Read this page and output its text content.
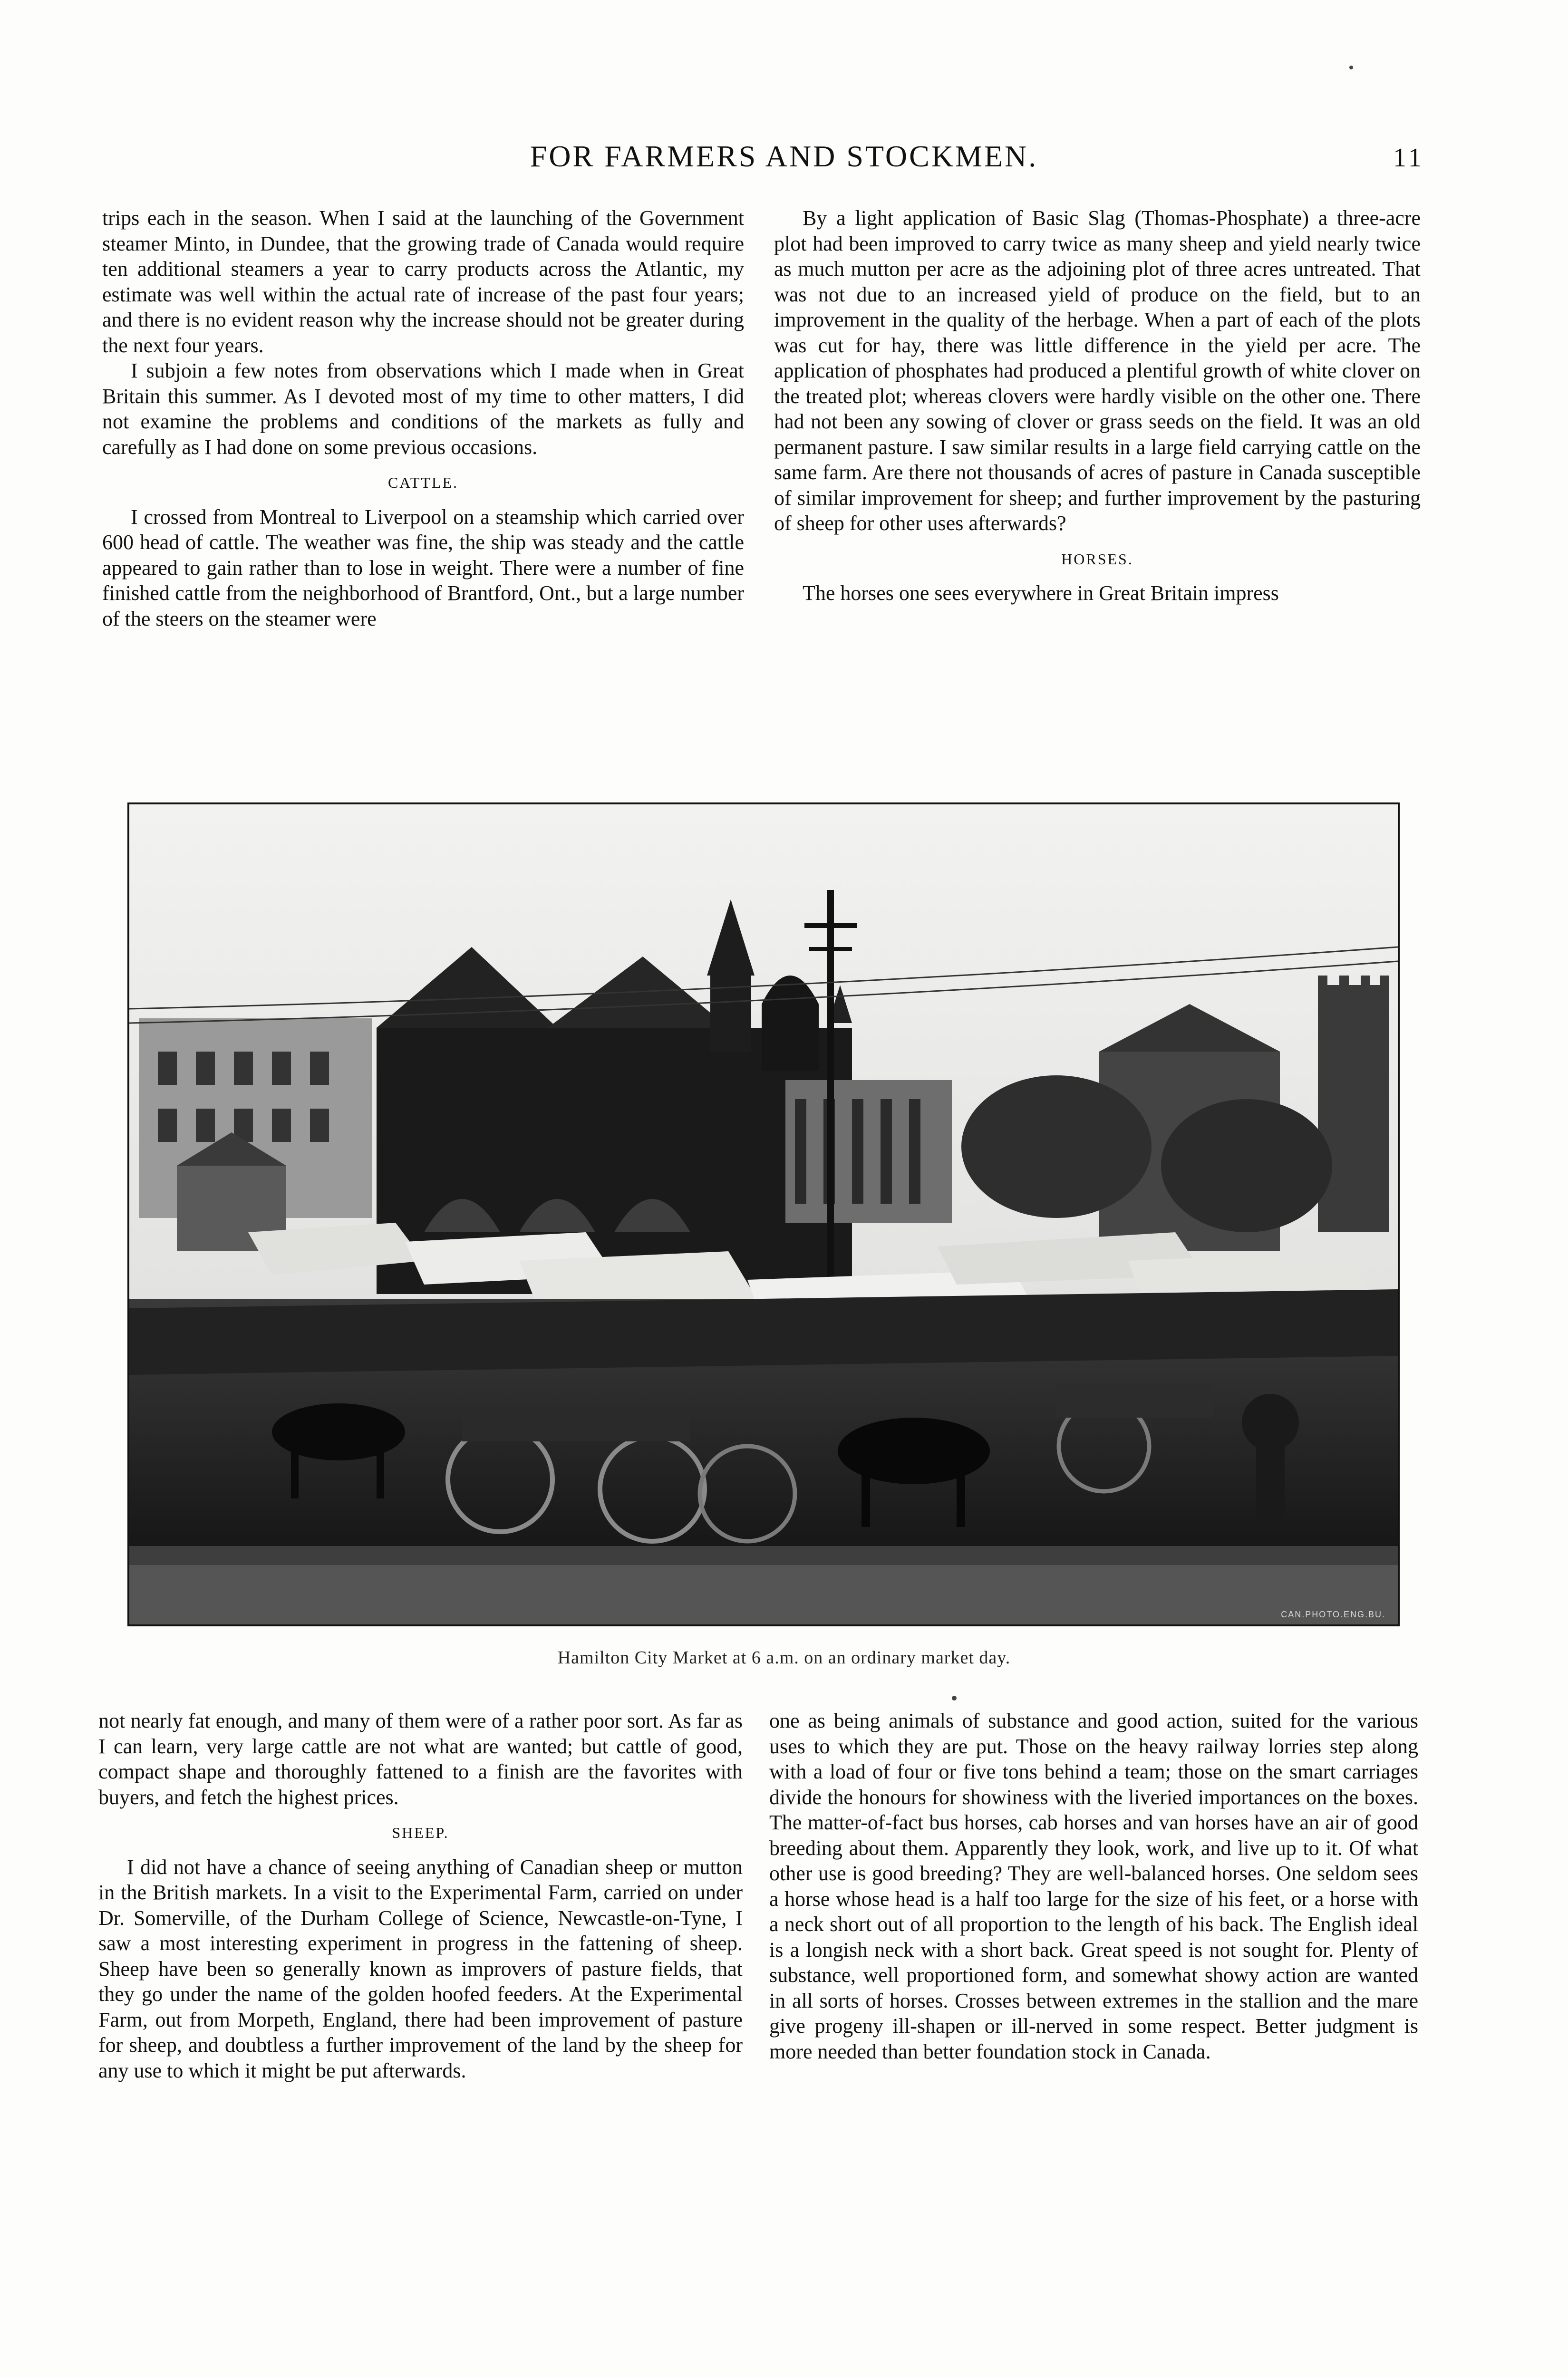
FOR FARMERS AND STOCKMEN.	11

trips each in the season. When I said at the launching of the Government steamer Minto, in Dundee, that the growing trade of Canada would require ten additional steamers a year to carry products across the Atlantic, my estimate was well within the actual rate of increase of the past four years; and there is no evident reason why the increase should not be greater during the next four years.

I subjoin a few notes from observations which I made when in Great Britain this summer. As I devoted most of my time to other matters, I did not examine the problems and conditions of the markets as fully and carefully as I had done on some previous occasions.

CATTLE.

I crossed from Montreal to Liverpool on a steamship which carried over 600 head of cattle. The weather was fine, the ship was steady and the cattle appeared to gain rather than to lose in weight. There were a number of fine finished cattle from the neighborhood of Brantford, Ont., but a large number of the steers on the steamer were

By a light application of Basic Slag (Thomas-Phosphate) a three-acre plot had been improved to carry twice as many sheep and yield nearly twice as much mutton per acre as the adjoining plot of three acres untreated. That was not due to an increased yield of produce on the field, but to an improvement in the quality of the herbage. When a part of each of the plots was cut for hay, there was little difference in the yield per acre. The application of phosphates had produced a plentiful growth of white clover on the treated plot; whereas clovers were hardly visible on the other one. There had not been any sowing of clover or grass seeds on the field. It was an old permanent pasture. I saw similar results in a large field carrying cattle on the same farm. Are there not thousands of acres of pasture in Canada susceptible of similar improvement for sheep; and further improvement by the pasturing of sheep for other uses afterwards?

HORSES.

The horses one sees everywhere in Great Britain impress

CAN.PHOTO.ENG.BU.
Hamilton City Market at 6 a.m. on an ordinary market day.

not nearly fat enough, and many of them were of a rather poor sort. As far as I can learn, very large cattle are not what are wanted; but cattle of good, compact shape and thoroughly fattened to a finish are the favorites with buyers, and fetch the highest prices.

SHEEP.

I did not have a chance of seeing anything of Canadian sheep or mutton in the British markets. In a visit to the Experimental Farm, carried on under Dr. Somerville, of the Durham College of Science, Newcastle-on-Tyne, I saw a most interesting experiment in progress in the fattening of sheep. Sheep have been so generally known as improvers of pasture fields, that they go under the name of the golden hoofed feeders. At the Experimental Farm, out from Morpeth, England, there had been improvement of pasture for sheep, and doubtless a further improvement of the land by the sheep for any use to which it might be put afterwards.

one as being animals of substance and good action, suited for the various uses to which they are put. Those on the heavy railway lorries step along with a load of four or five tons behind a team; those on the smart carriages divide the honours for showiness with the liveried importances on the boxes. The matter-of-fact bus horses, cab horses and van horses have an air of good breeding about them. Apparently they look, work, and live up to it. Of what other use is good breeding? They are well-balanced horses. One seldom sees a horse whose head is a half too large for the size of his feet, or a horse with a neck short out of all proportion to the length of his back. The English ideal is a longish neck with a short back. Great speed is not sought for. Plenty of substance, well proportioned form, and somewhat showy action are wanted in all sorts of horses. Crosses between extremes in the stallion and the mare give progeny ill-shapen or ill-nerved in some respect. Better judgment is more needed than better foundation stock in Canada.
